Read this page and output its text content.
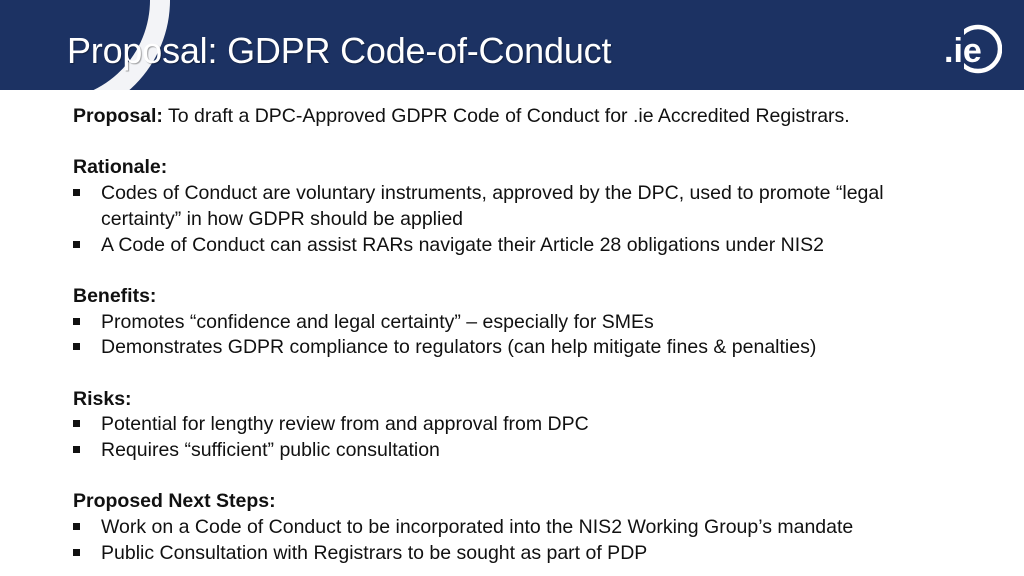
Proposal: GDPR Code-of-Conduct	.ie
Proposal: To draft a DPC-Approved GDPR Code of Conduct for .ie Accredited Registrars.
Rationale:
Codes of Conduct are voluntary instruments, approved by the DPC, used to promote “legal certainty” in how GDPR should be applied
A Code of Conduct can assist RARs navigate their Article 28 obligations under NIS2
Benefits:
Promotes “confidence and legal certainty” – especially for SMEs
Demonstrates GDPR compliance to regulators (can help mitigate fines & penalties)
Risks:
Potential for lengthy review from and approval from DPC
Requires “sufficient” public consultation
Proposed Next Steps:
Work on a Code of Conduct to be incorporated into the NIS2 Working Group’s mandate
Public Consultation with Registrars to be sought as part of PDP
